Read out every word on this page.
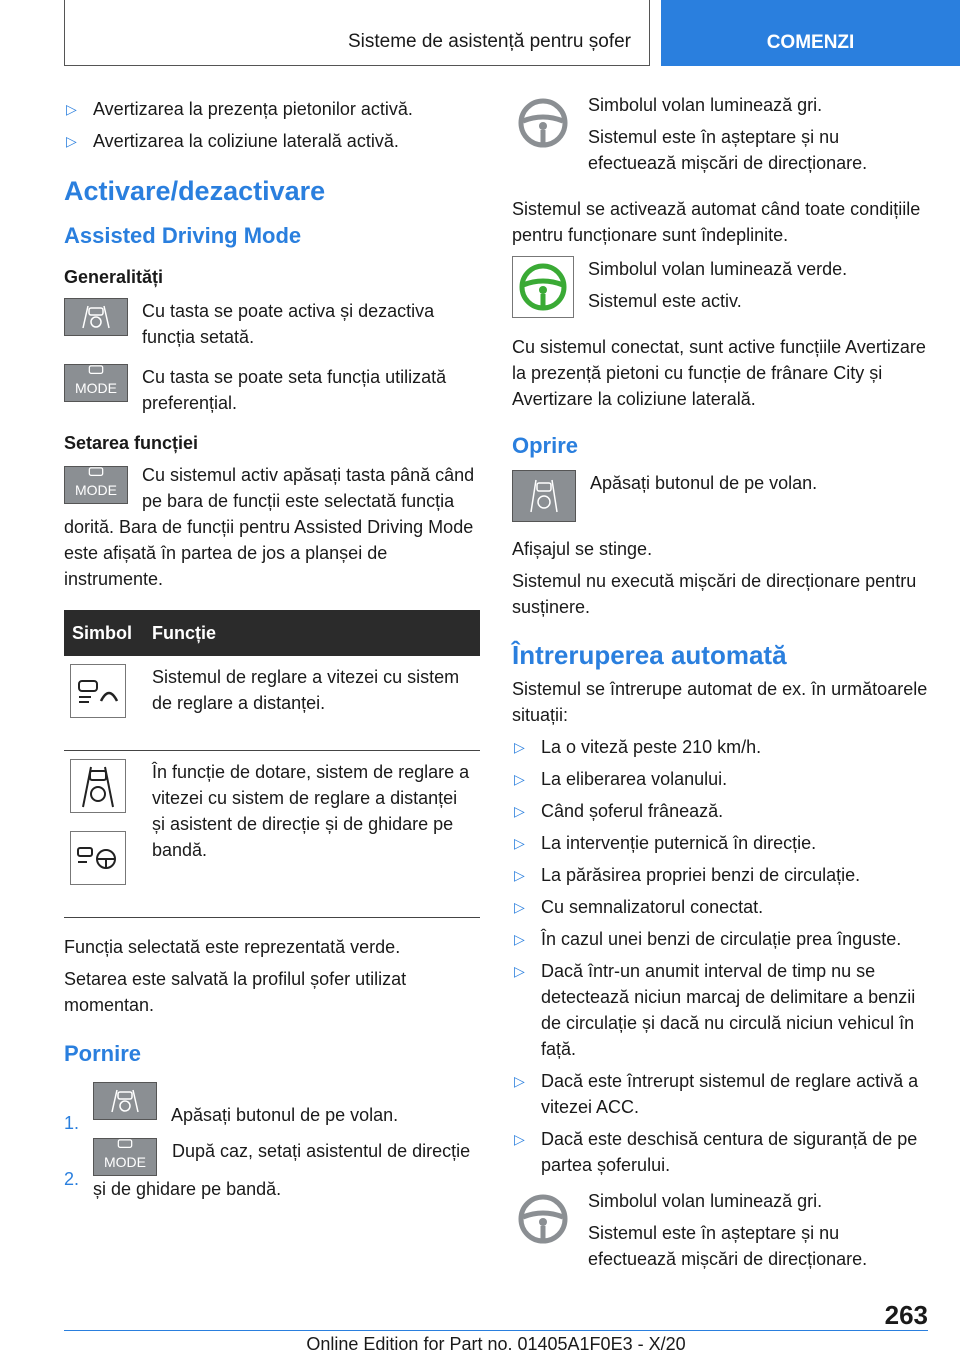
Sisteme de asistență pentru șofer	COMENZI
▷ Avertizarea la prezența pietonilor activă.
▷ Avertizarea la coliziune laterală activă.
Activare/dezactivare
Assisted Driving Mode
Generalități
Cu tasta se poate activa și dezactiva funcția setată.
MODE
Cu tasta se poate seta funcția utilizată preferențial.
Setarea funcției
MODE
Cu sistemul activ apăsați tasta până când pe bara de funcții este selectată funcția dorită. Bara de funcții pentru Assisted Driving Mode este afișată în partea de jos a planșei de instrumente.
Simbol	Funcție

	Sistemul de reglare a vitezei cu sistem de reglare a distanței.

	În funcție de dotare, sistem de reglare a vitezei cu sistem de reglare a distanței și asistent de direcție și de ghidare pe bandă.
Funcția selectată este reprezentată verde.
Setarea este salvată la profilul șofer utilizat momentan.
Pornire
1.	Apăsați butonul de pe volan.
2.
MODE
După caz, setați asistentul de direcție și de ghidare pe bandă.
Simbolul volan luminează gri.
Sistemul este în așteptare și nu efectuează mișcări de direcționare.
Sistemul se activează automat când toate condițiile pentru funcționare sunt îndeplinite.
Simbolul volan luminează verde.
Sistemul este activ.
Cu sistemul conectat, sunt active funcțiile Avertizare la prezență pietoni cu funcție de frânare City și Avertizare la coliziune laterală.
Oprire
Apăsați butonul de pe volan.
Afișajul se stinge.
Sistemul nu execută mișcări de direcționare pentru susținere.
Întreruperea automată
Sistemul se întrerupe automat de ex. în următoarele situații:
▷ La o viteză peste 210 km/h.
▷ La eliberarea volanului.
▷ Când șoferul frânează.
▷ La intervenție puternică în direcție.
▷ La părăsirea propriei benzi de circulație.
▷ Cu semnalizatorul conectat.
▷ În cazul unei benzi de circulație prea înguste.
▷ Dacă într-un anumit interval de timp nu se detectează niciun marcaj de delimitare a benzii de circulație și dacă nu circulă niciun vehicul în față.
▷ Dacă este întrerupt sistemul de reglare activă a vitezei ACC.
▷ Dacă este deschisă centura de siguranță de pe partea șoferului.
Simbolul volan luminează gri.
Sistemul este în așteptare și nu efectuează mișcări de direcționare.
263
Online Edition for Part no. 01405A1F0E3 - X/20
